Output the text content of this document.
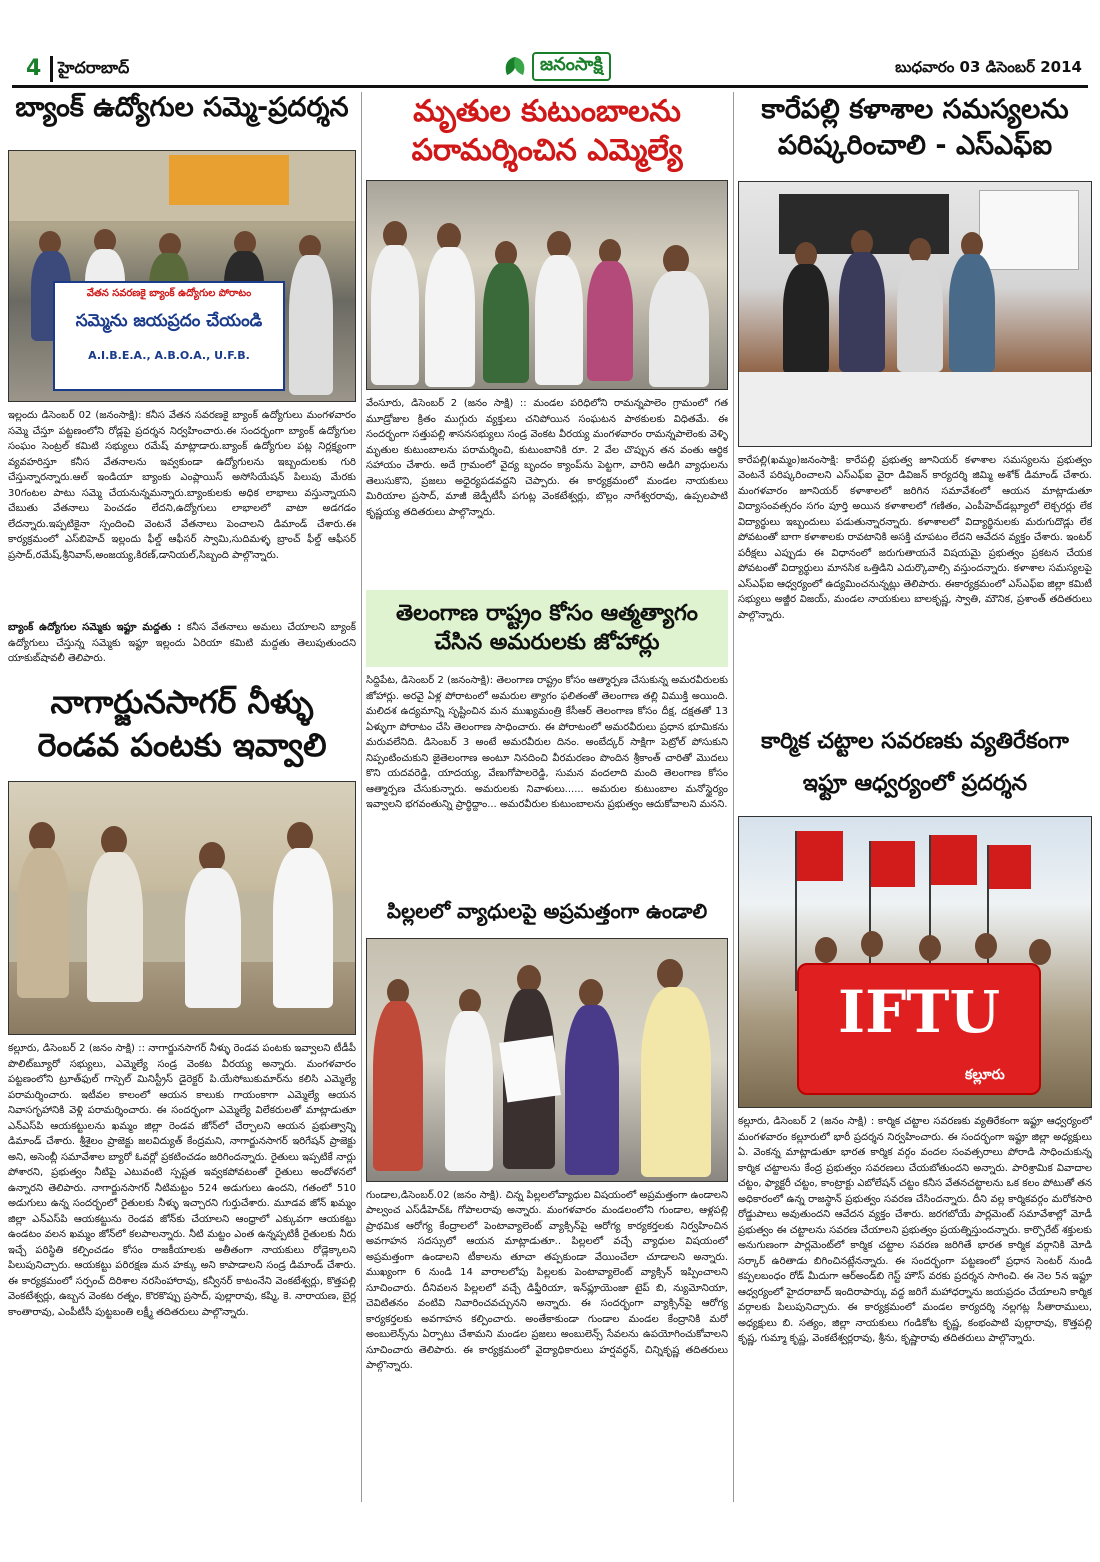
4 హైదరాబాద్	జనంసాక్షి	బుధవారం 03 డిసెంబర్ 2014
బ్యాంక్ ఉద్యోగుల సమ్మె-ప్రదర్శన
వేతన సవరణకై బ్యాంక్ ఉద్యోగుల పోరాటం
సమ్మెను జయప్రదం చేయండి
A.I.B.E.A., A.B.O.A., U.F.B.
ఇల్లందు డిసెంబర్ 02 (జనంసాక్షి): కనీస వేతన సవరణకై బ్యాంక్ ఉద్యోగులు మంగళవారం సమ్మె చేస్తూ పట్టణంలోని రోడ్లపై ప్రదర్శన నిర్వహించారు.ఈ సందర్భంగా బ్యాంక్ ఉద్యోగుల సంఘం సెంట్రల్ కమిటి సభ్యులు రమేష్ మాట్లాడారు.బ్యాంక్ ఉద్యోగుల పట్ల నిర్లక్ష్యంగా వ్యవహరిస్తూ కనీస వేతనాలను ఇవ్వకుండా ఉద్యోగులను ఇబ్బందులకు గురి చేస్తున్నారన్నారు.ఆల్ ఇండియా బ్యాంకు ఎంప్లాయిస్ అసోసియేషన్ పిలుపు మేరకు 30గంటల పాటు సమ్మె చేయనున్నమన్నారు.బ్యాంకులకు అధిక లాభాలు వస్తున్నాయని చేబుతు వేతనాలు పెంచడం లేదని,ఉద్యోగులు లాభాలలో వాటా అడగడం లేదన్నారు.ఇప్పటికైనా స్పందించి వెంటనే వేతనాలు పెంచాలని డిమాండ్ చేశారు.ఈ కార్యక్రమంలో ఎస్‌బిహెచ్ ఇల్లందు ఫీల్డ్ ఆఫీసర్ స్వామి,సుదిమళ్ళ బ్రాంచ్ ఫీల్డ్ ఆఫీసర్ ప్రసాద్,రమేష్,శ్రీనివాస్,అంజయ్య,కిరణ్,డానియల్,సిబ్బంది పాల్గొన్నారు.
బ్యాంక్ ఉద్యోగుల సమ్మెకు ఇఫ్టూ మద్దతు : కనీస వేతనాలు అమలు చేయాలని బ్యాంక్ ఉద్యోగులు చేస్తున్న సమ్మెకు ఇఫ్టూ ఇల్లందు ఏరియా కమిటి మద్దతు తెలుపుతుందని యాకుబ్‌షావలీ తెలిపారు.
నాగార్జునసాగర్ నీళ్ళు
రెండవ పంటకు ఇవ్వాలి
కల్లూరు, డిసెంబర్ 2 (జనం సాక్షి) :: నాగార్జునసాగర్ నీళ్ళు రెండవ పంటకు ఇవ్వాలని టీడీపీ పొలిట్‌బ్యూరో సభ్యులు, ఎమ్మెల్యే సండ్ర వెంకట వీరయ్య అన్నారు. మంగళవారం పట్టణంలోని ట్రూత్‌ఫుల్ గాస్పెల్ మినిస్ట్రీస్ డైరెక్టర్ పి.యేసోబుకుమార్‌ను కలిసి ఎమ్మెల్యే పరామర్శించారు. ఇటీవల కాలంలో ఆయన కాలుకు గాయంకాగా ఎమ్మెల్యే ఆయన నివాసగృహానికి వెళ్లి పరామర్శించారు. ఈ సందర్భంగా ఎమ్మెల్యే విలేకరులతో మాట్లాడుతూ ఎన్‌ఎస్‌పి ఆయకట్టులను ఖమ్మం జిల్లా రెండవ జోన్‌లో చేర్చాలని ఆయన ప్రభుత్వాన్ని డిమాండ్ చేశారు. శ్రీశైలం ప్రాజెక్టు జలవిద్యుత్ కేంద్రమని, నాగార్జునసాగర్ ఇరిగేషన్ ప్రాజెక్టు అని, అసెంబ్లీ సమావేశాల బ్యారో ఓవర్లో ప్రకటించడం జరిగిందన్నారు. రైతులు ఇప్పటికే నార్లు పోశారని, ప్రభుత్వం నీటిపై ఎటువంటి స్పష్టత ఇవ్వకపోవటంతో రైతులు అందోళనలో ఉన్నారని తెలిపారు. నాగార్జునసాగర్ నీటిమట్టం 524 అడుగులు ఉందని, గతంలో 510 అడుగులు ఉన్న సందర్భంలో రైతులకు నీళ్ళు ఇచ్చారని గుర్తుచేశారు. మూడవ జోన్ ఖమ్మం జిల్లా ఎన్‌ఎస్‌పి ఆయకట్టును రెండవ జోన్‌కు చేయాలని ఆంధ్రాలో ఎక్కువగా ఆయకట్టు ఉండటం వలన ఖమ్మం జోన్‌లో కలపాలన్నారు. నీటి మట్టం ఎంత ఉన్నప్పటికీ రైతులకు నీరు ఇచ్చే పరిస్థితి కల్పించడం కోసం రాజకీయాలకు అతీతంగా నాయకులు రోడ్లెక్కాలని పిలుపునిచ్చారు. ఆయకట్టు పరిరక్షణ మన హక్కు అని కాపాడాలని సండ్ర డిమాండ్ చేశారు. ఈ కార్యక్రమంలో సర్పంచ్ దిరిశాల నరసింహారావు, కన్వీనర్ కాటంనేని వెంకటేశ్వర్లు, కొత్తపల్లి వెంకటేశ్వర్లు, ఉబ్బన వెంకట రత్నం, కొరకొప్పు ప్రసాద్, పుల్లారావు, కష్మి, కె. నారాయణ, బైర్ల కాంతారావు, ఎంపీటీసీ పుట్టబంతి లక్ష్మీ తదితరులు పాల్గొన్నారు.
మృతుల కుటుంబాలను
పరామర్శించిన ఎమ్మెల్యే
వేంసూరు, డిసెంబర్ 2 (జనం సాక్షి) :: మండల పరిధిలోని రామన్నపాలెం గ్రామంలో గత మూడ్రోజుల క్రితం ముగ్గురు వ్యక్తులు చనిపోయిన సంఘటన పాఠకులకు విధితమే. ఈ సందర్భంగా సత్తుపల్లి శాసనసభ్యులు సండ్ర వెంకట వీరయ్య మంగళవారం రామన్నపాలెంకు వెళ్ళి మృతుల కుటుంబాలను పరామర్శించి, కుటుంబానికి రూ. 2 వేల చొప్పున తన వంతు ఆర్థిక సహాయం చేశారు. అదే గ్రామంలో వైద్య బృందం క్యాంప్‌ను పెట్టగా, వారిని అడిగి వ్యాధులను తెలుసుకొని, ప్రజలు అధైర్యపడవద్దని చెప్పారు. ఈ కార్యక్రమంలో మండల నాయకులు మిరియాల ప్రసాద్, మాజీ జెడ్పీటీసీ పగుట్ల వెంకటేశ్వర్లు, బొల్లం నాగేశ్వరరావు, ఉప్పలపాటి కృష్ణయ్య తదితరులు పాల్గొన్నారు.
తెలంగాణ రాష్ట్రం కోసం ఆత్మత్యాగం
చేసిన అమరులకు జోహార్లు
సిద్దిపేట, డిసెంబర్ 2 (జనంసాక్షి): తెలంగాణ రాష్ట్రం కోసం ఆత్మార్పణ చేసుకున్న అమరవీరులకు జోహార్లు. అరవై ఏళ్ల పోరాటంలో అమరుల త్యాగం ఫలితంతో తెలంగాణ తల్లి విముక్తి అయింది. మలిదశ ఉద్యమాన్ని సృష్టించిన మన ముఖ్యమంత్రి కేసీఆర్ తెలంగాణ కోసం దీక్ష, దక్షతతో 13 ఏళ్ళుగా పోరాటం చేసి తెలంగాణ సాధించారు. ఈ పోరాటంలో అమరవీరులు ప్రధాన భూమికను మరువలేనిది. డిసెంబర్ 3 అంటే అమరవీరుల దినం. అంబేద్కర్ సాక్షిగా పెట్రోల్ పోసుకుని నిప్పంటించుకుని జైతెలంగాణ అంటూ నినదించి వీరమరణం పొందిన శ్రీకాంత్ చారితో మొదలు కొని యదవరెడ్డి, యాదయ్య, వేణుగోపాలరెడ్డి, సుమన వందలాది మంది తెలంగాణ కోసం ఆత్మార్పణ చేసుకున్నారు. అమరులకు నివాళులు...... అమరుల కుటుంబాల మనోస్థైర్యం ఇవ్వాలని భగవంతున్ని ప్రార్థిద్దాం... అమరవీరుల కుటుంబాలను ప్రభుత్వం ఆదుకోవాలని మనని.
పిల్లలలో వ్యాధులపై అప్రమత్తంగా ఉండాలి
గుండాల,డిసెంబర్.02 (జనం సాక్షి). చిన్న పిల్లలలోవ్యాధుల విషయంలో అప్రమత్తంగా ఉండాలని పాల్వంచ ఎస్‌డీహెచ్‌ఓ గోపాలరావు అన్నారు. మంగళవారం మండలంలోని గుండాల, ఆళ్లపల్లి ప్రాథమిక ఆరోగ్య కేంద్రాలలో పెంటావ్యాలెంట్ వ్యాక్సిన్‌పై ఆరోగ్య కార్యకర్తలకు నిర్వహించిన అవగాహన సదస్సులో ఆయన మాట్లాడుతూ.. పిల్లలలో వచ్చే వ్యాధుల విషయంలో అప్రమత్తంగా ఉండాలని టీకాలను తూచా తప్పకుండా వేయించేలా చూడాలని అన్నారు. ముఖ్యంగా 6 నుండి 14 వారాలలోపు పిల్లలకు పెంటావ్యాలెంట్ వ్యాక్సిన్ ఇప్పించాలని సూచించారు. దీనివలన పిల్లలలో వచ్చే డిఫ్తీరియా, ఇన్‌ఫ్లూయెంజా టైప్ బి, న్యుమోనియా, చెవిటితనం వంటివి నివారించవచ్చునని అన్నారు. ఈ సందర్భంగా వ్యాక్సిన్‌పై ఆరోగ్య కార్యకర్తలకు అవగాహన కల్పించారు. అంతేకాకుండా గుండాల మండల కేంద్రానికి మరో అంబులెన్స్‌ను ఏర్పాటు చేశామని మండల ప్రజలు అంబులెన్స్ సేవలను ఉపయోగించుకోవాలని సూచించారు తెలిపారు. ఈ కార్యక్రమంలో వైద్యాధికారులు హర్షవర్ధన్, చిన్నికృష్ణ తదితరులు పాల్గొన్నారు.
కారేపల్లి కళాశాల సమస్యలను
పరిష్కరించాలి - ఎస్‌ఎఫ్ఐ
కారేపల్లి(ఖమ్మం)జనంసాక్షి: కారేపల్లి ప్రభుత్వ జూనియర్ కళాశాల సమస్యలను ప్రభుత్వం వెంటనే పరిష్కరించాలని ఎస్‌ఎఫ్ఐ వైరా డివిజన్ కార్యదర్శి జిమ్మి అశోక్ డిమాండ్ చేశారు. మంగళవారం జూనియర్ కళాశాలలో జరిగిన సమావేశంలో ఆయన మాట్లాడుతూ విద్యాసంవత్సరం సగం పూర్తి అయిన కళాశాలలో గణితం, ఎంపీహెచ్‌డబ్ల్యూలో లెక్చరర్లు లేక విద్యార్థులు ఇబ్బందులు పడుతున్నారన్నారు. కళాశాలలో విద్యార్థినులకు మరుగుదొడ్లు లేక పోవటంతో బాగా కళాశాలకు రావటానికి అసక్తి చూపటం లేదని ఆవేదన వ్యక్తం చేశారు. ఇంటర్ పరీక్షలు ఎప్పుడు ఈ విధానంలో జరుగుతాయనే విషయమై ప్రభుత్వం ప్రకటన చేయక పోవటంతో విద్యార్థులు మానసిక ఒత్తిడిని ఎదుర్కొవాల్సి వస్తుందన్నారు. కళాశాల సమస్యలపై ఎస్‌ఎఫ్ఐ ఆధ్వర్యంలో ఉద్యమించనున్నట్లు తెలిపారు. ఈకార్యక్రమంలో ఎస్‌ఎఫ్ఐ జిల్లా కమిటీ సభ్యులు అజ్జీర విజయ్, మండల నాయకులు బాలకృష్ణ, స్వాతి, మౌనిక, ప్రశాంత్ తదితరులు పాల్గొన్నారు.
కార్మిక చట్టాల సవరణకు వ్యతిరేకంగా
ఇఫ్టూ ఆధ్వర్యంలో ప్రదర్శన
IFTU
కల్లూరు
కల్లూరు, డిసెంబర్ 2 (జనం సాక్షి) : కార్మిక చట్టాల సవరణకు వ్యతిరేకంగా ఇఫ్టూ ఆధ్వర్యంలో మంగళవారం కల్లూరులో భారీ ప్రదర్శన నిర్వహించారు. ఈ సందర్భంగా ఇఫ్టూ జిల్లా అధ్యక్షులు ఏ. వెంకన్న మాట్లాడుతూ భారత కార్మిక వర్గం వందల సంవత్సరాలు పోరాడి సాధించుకున్న కార్మిక చట్టాలను కేంద్ర ప్రభుత్వం సవరణలు చేయబోతుందని అన్నారు. పారిశ్రామిక వివాదాల చట్టం, ఫ్యాక్టరీ చట్టం, కాంట్రాక్టు ఎబోలేషన్ చట్టం కనీస వేతనచట్టాలను ఒక కలం పోటుతో తన అధికారంలో ఉన్న రాజస్థాన్ ప్రభుత్వం సవరణ చేసిందన్నారు. దీని వల్ల కార్మికవర్గం మరోకసారి రోడ్డుపాలు అవుతుందని ఆవేదన వ్యక్తం చేశారు. జరగబోయే పార్లమెంట్ సమావేశాల్లో మోడీ ప్రభుత్వం ఈ చట్టాలను సవరణ చేయాలని ప్రభుత్వం ప్రయత్నిస్తుందన్నారు. కార్పొరేట్ శక్తులకు అనుగుణంగా పార్లమెంట్‌లో కార్మిక చట్టాల సవరణ జరిగితే భారత కార్మిక వర్గానికి మోడి సర్కార్ ఉరితాడు బిగించినట్లేనన్నారు. ఈ సందర్భంగా పట్టణంలో ప్రధాన సెంటర్ నుండి కప్పలబంధం రోడ్ మీదుగా ఆర్‌అండ్‌బి గెస్ట్ హౌస్ వరకు ప్రదర్శన సాగించి. ఈ నెల 5న ఇఫ్టూ ఆధ్వర్యంలో హైదరాబాద్ ఇందిరాపార్కు వద్ద జరిగే మహాధర్నాను జయప్రదం చేయాలని కార్మిక వర్గాలకు పిలుపునిచ్చారు. ఈ కార్యక్రమంలో మండల కార్యదర్శి నల్లగట్ల సీతారాములు, అధ్యక్షులు బి. సత్యం, జిల్లా నాయకులు గండికోట కృష్ణ, కంభంపాటి పుల్లారావు, కొత్తపల్లి కృష్ణ, గుమ్మా కృష్ణ, వెంకటేశ్వర్లరావు, శ్రీను, కృష్ణారావు తదితరులు పాల్గొన్నారు.
